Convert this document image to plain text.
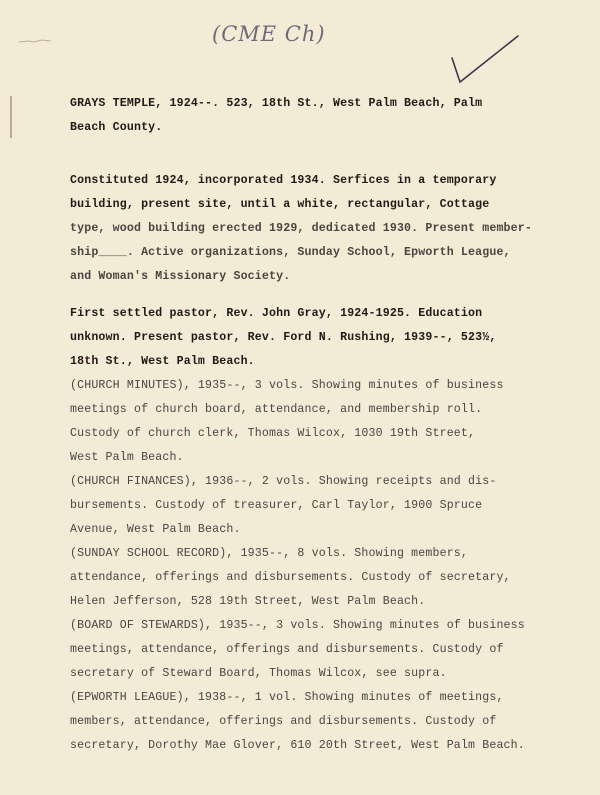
(CME Ch)
GRAYS TEMPLE, 1924--. 523, 18th St., West Palm Beach, Palm
Beach County.
Constituted 1924, incorporated 1934. Serfices in a temporary
building, present site, until a white, rectangular, Cottage
type, wood building erected 1929, dedicated 1930. Present member-
ship____. Active organizations, Sunday School, Epworth League,
and Woman's Missionary Society.
First settled pastor, Rev. John Gray, 1924-1925. Education
unknown. Present pastor, Rev. Ford N. Rushing, 1939--, 523½,
18th St., West Palm Beach.
(CHURCH MINUTES), 1935--, 3 vols. Showing minutes of business
meetings of church board, attendance, and membership roll.
Custody of church clerk, Thomas Wilcox, 1030 19th Street,
West Palm Beach.
(CHURCH FINANCES), 1936--, 2 vols. Showing receipts and dis-
bursements. Custody of treasurer, Carl Taylor, 1900 Spruce
Avenue, West Palm Beach.
(SUNDAY SCHOOL RECORD), 1935--, 8 vols. Showing members,
attendance, offerings and disbursements. Custody of secretary,
Helen Jefferson, 528 19th Street, West Palm Beach.
(BOARD OF STEWARDS), 1935--, 3 vols. Showing minutes of business
meetings, attendance, offerings and disbursements. Custody of
secretary of Steward Board, Thomas Wilcox, see supra.
(EPWORTH LEAGUE), 1938--, 1 vol. Showing minutes of meetings,
members, attendance, offerings and disbursements. Custody of
secretary, Dorothy Mae Glover, 610 20th Street, West Palm Beach.
